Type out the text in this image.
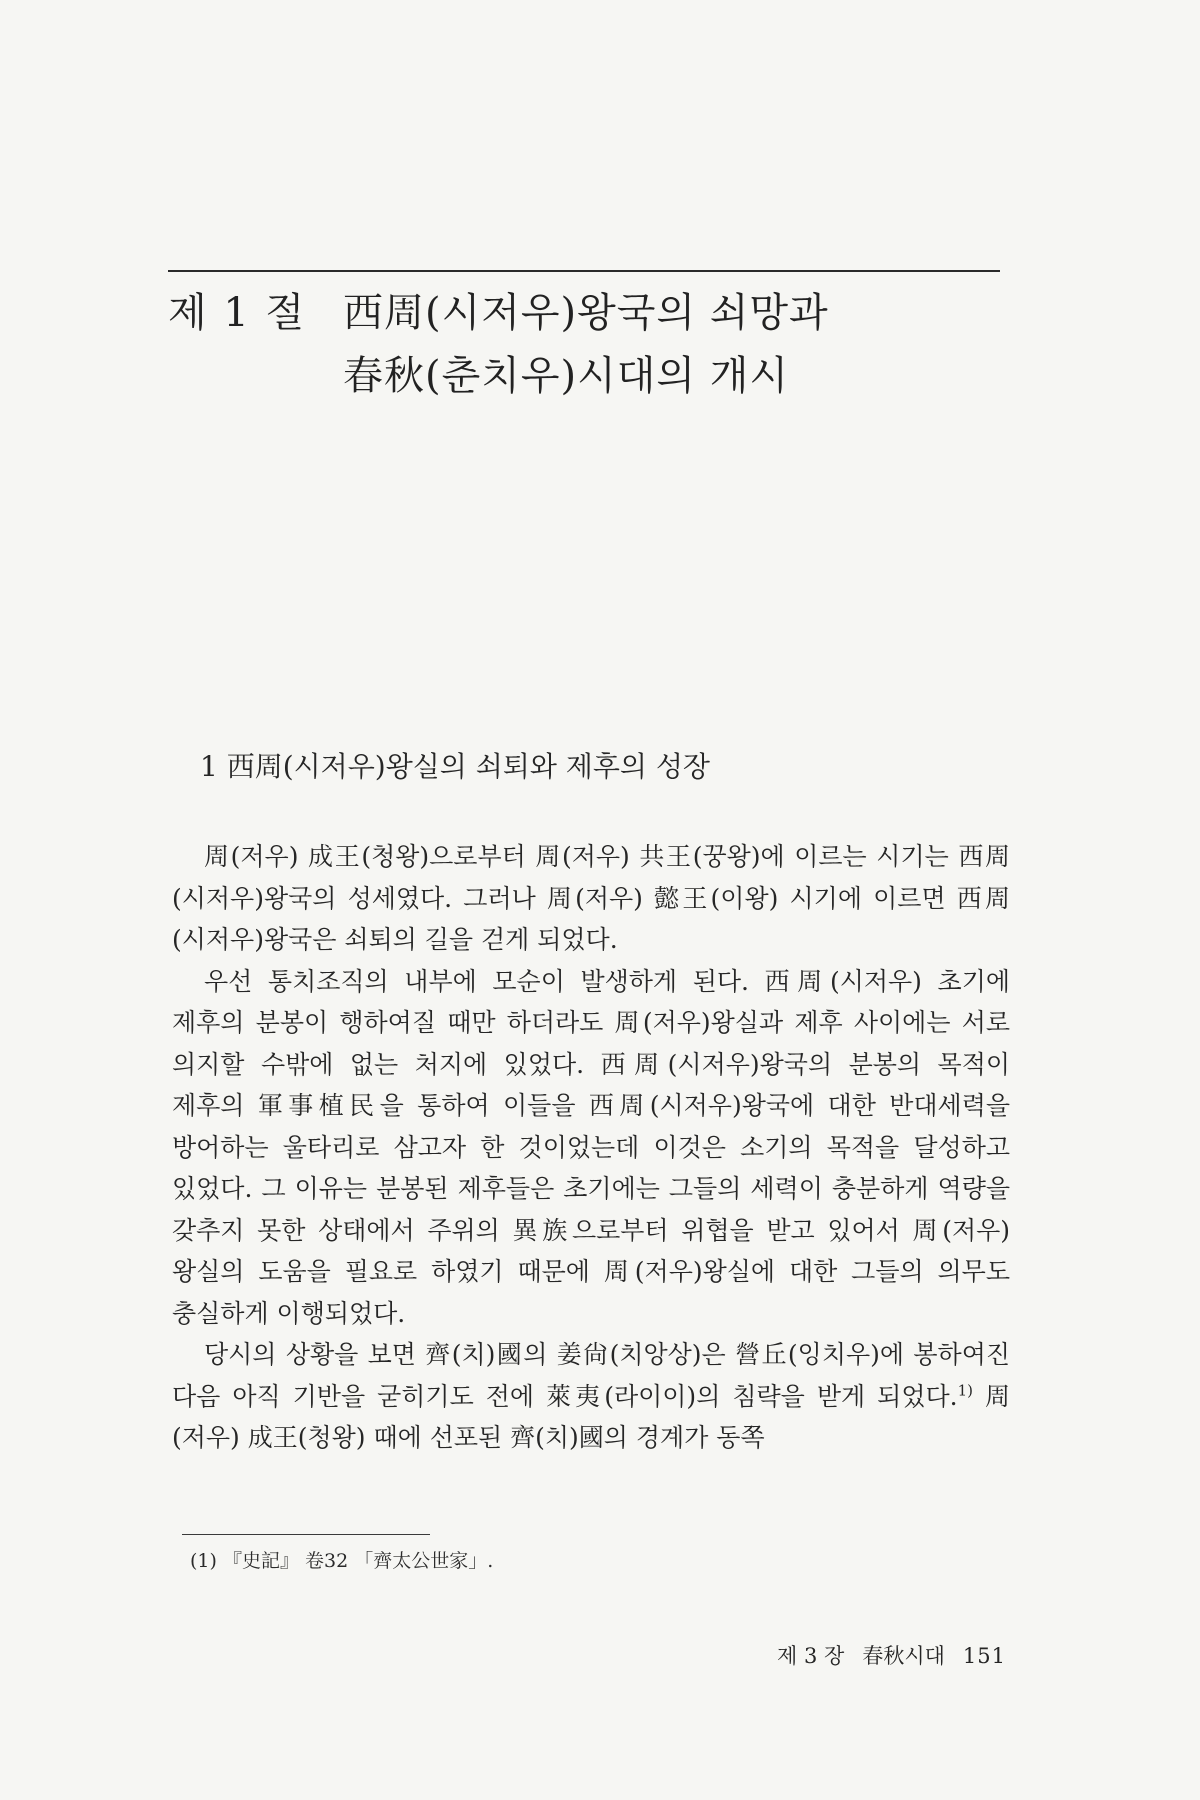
제 1 절 西周(시저우)왕국의 쇠망과
春秋(춘치우)시대의 개시
1 西周(시저우)왕실의 쇠퇴와 제후의 성장

周(저우) 成王(청왕)으로부터 周(저우) 共王(꿍왕)에 이르는 시기는 西周(시저우)왕국의 성세였다. 그러나 周(저우) 懿王(이왕) 시기에 이르면 西周(시저우)왕국은 쇠퇴의 길을 걷게 되었다.

우선 통치조직의 내부에 모순이 발생하게 된다. 西周(시저우) 초기에 제후의 분봉이 행하여질 때만 하더라도 周(저우)왕실과 제후 사이에는 서로 의지할 수밖에 없는 처지에 있었다. 西周(시저우)왕국의 분봉의 목적이 제후의 軍事植民을 통하여 이들을 西周(시저우)왕국에 대한 반대세력을 방어하는 울타리로 삼고자 한 것이었는데 이것은 소기의 목적을 달성하고 있었다. 그 이유는 분봉된 제후들은 초기에는 그들의 세력이 충분하게 역량을 갖추지 못한 상태에서 주위의 異族으로부터 위협을 받고 있어서 周(저우)왕실의 도움을 필요로 하였기 때문에 周(저우)왕실에 대한 그들의 의무도 충실하게 이행되었다.

당시의 상황을 보면 齊(치)國의 姜尙(치앙상)은 營丘(잉치우)에 봉하여진 다음 아직 기반을 굳히기도 전에 萊夷(라이이)의 침략을 받게 되었다.$^{1)}$ 周(저우) 成王(청왕) 때에 선포된 齊(치)國의 경계가 동쪽

(1) 『史記』 卷32 「齊太公世家」.
제 3 장 春秋시대 151
